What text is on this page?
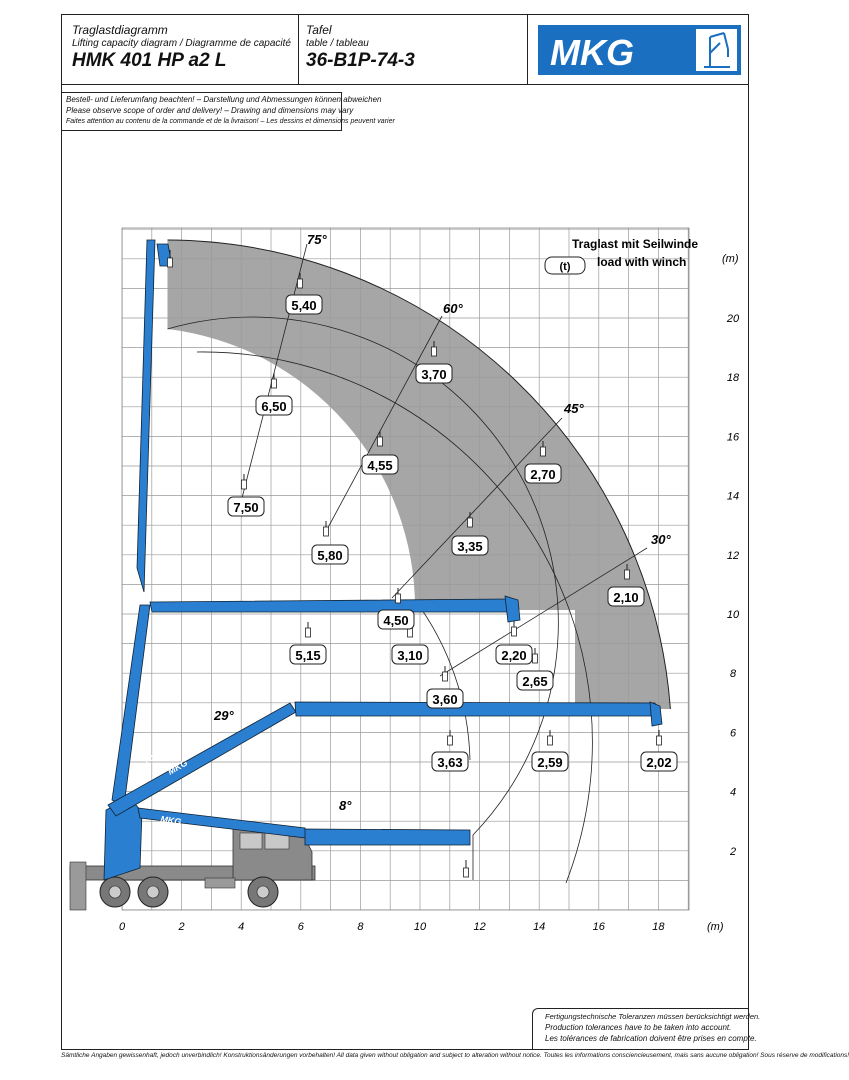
Traglastdiagramm
Lifting capacity diagram / Diagramme de capacité
HMK 401 HP a2 L
Tafel
table / tableau
36-B1P-74-3	MKG
Bestell- und Lieferumfang beachten! – Darstellung und Abmessungen können abweichen
Please observe scope of order and delivery! – Drawing and dimensions may vary
Faites attention au contenu de la commande et de la livraison! – Les dessins et dimensions peuvent varier
MKG MKG
MKG
5,40
6,50
7,50
3,70
4,55
5,80
2,70
3,35
4,50
2,10
2,20
3,60
5,15	3,10
2,65
3,63	2,59	2,02
75°
60°
45°
30°
29°
8°
Traglast mit Seilwinde
(t) load with winch
0	2	4	6	8	10	12	14	16	18
2
4
6
8
10
12
14
16
18
20
(m)
(m)
Fertigungstechnische Toleranzen müssen berücksichtigt werden.
Production tolerances have to be taken into account.
Les tolérances de fabrication doivent être prises en compte.
Sämtliche Angaben gewissenhaft, jedoch unverbindlich! Konstruktionsänderungen vorbehalten! All data given without obligation and subject to alteration without notice. Toutes les informations consciencieusement, mais sans aucune obligation! Sous réserve de modifications!
